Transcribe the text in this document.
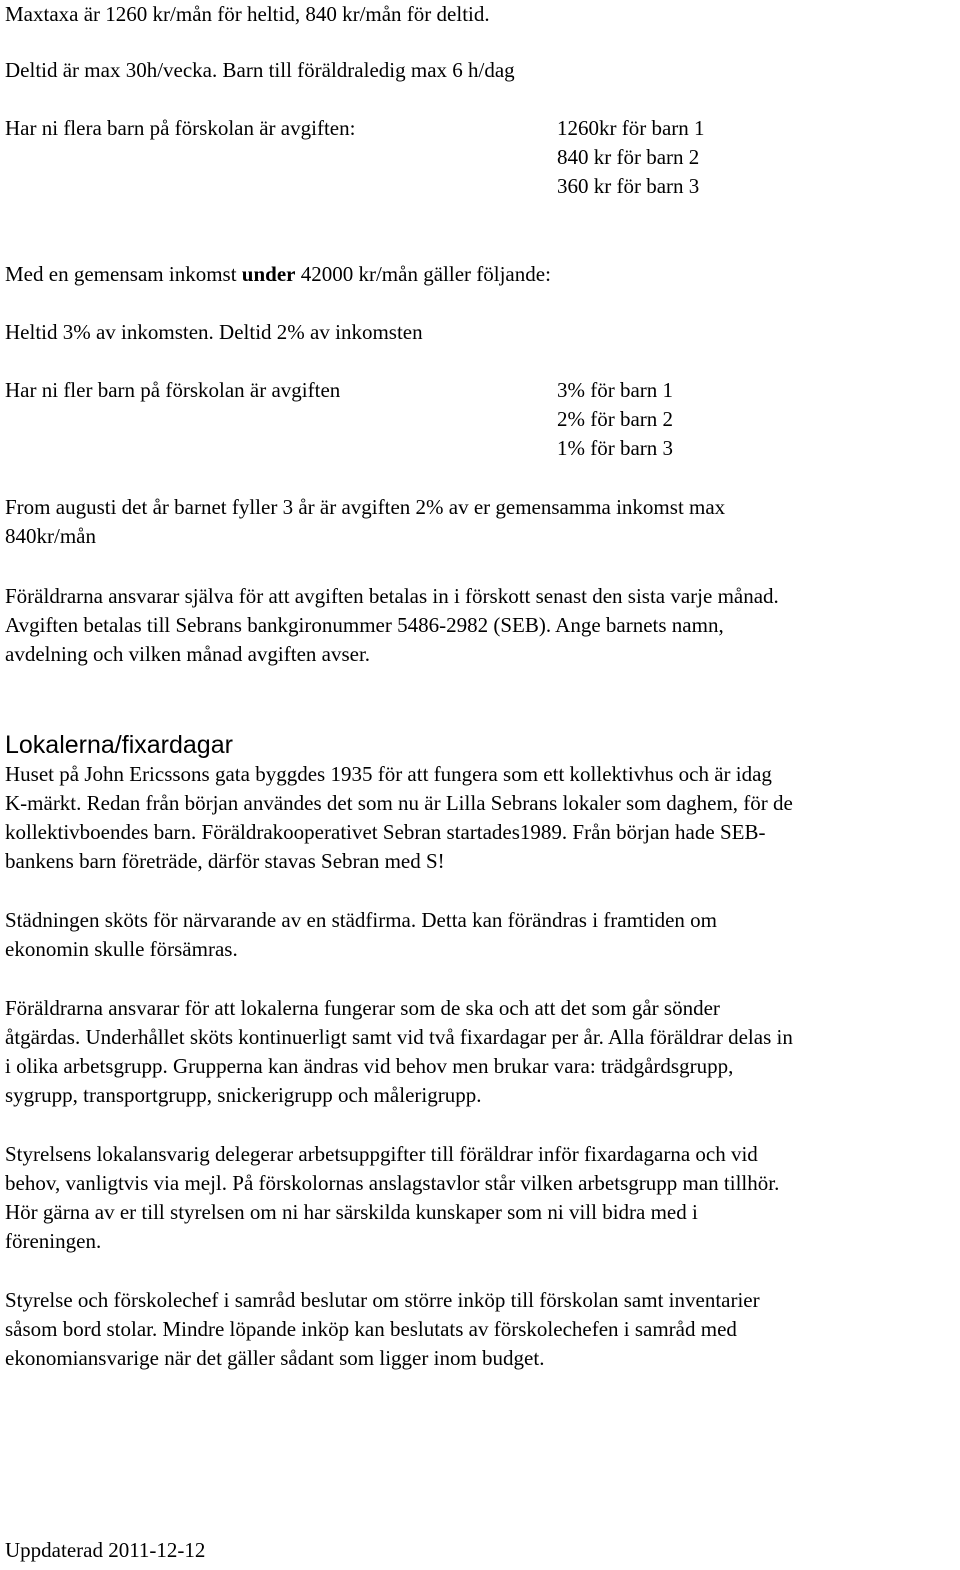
Maxtaxa är 1260 kr/mån för heltid, 840 kr/mån för deltid.
Deltid är max 30h/vecka. Barn till föräldraledig max 6 h/dag
Har ni flera barn på förskolan är avgiften:	1260kr för barn 1
840 kr för barn 2
360 kr för barn 3
Med en gemensam inkomst under 42000 kr/mån gäller följande:
Heltid 3% av inkomsten. Deltid 2% av inkomsten
Har ni fler barn på förskolan är avgiften	3% för barn 1
2% för barn 2
1% för barn 3
From augusti det år barnet fyller 3 år är avgiften 2% av er gemensamma inkomst max
840kr/mån
Föräldrarna ansvarar själva för att avgiften betalas in i förskott senast den sista varje månad.
Avgiften betalas till Sebrans bankgironummer 5486-2982 (SEB). Ange barnets namn,
avdelning och vilken månad avgiften avser.
Lokalerna/fixardagar
Huset på John Ericssons gata byggdes 1935 för att fungera som ett kollektivhus och är idag
K-märkt. Redan från början användes det som nu är Lilla Sebrans lokaler som daghem, för de
kollektivboendes barn. Föräldrakooperativet Sebran startades1989. Från början hade SEB-
bankens barn företräde, därför stavas Sebran med S!
Städningen sköts för närvarande av en städfirma. Detta kan förändras i framtiden om
ekonomin skulle försämras.
Föräldrarna ansvarar för att lokalerna fungerar som de ska och att det som går sönder
åtgärdas. Underhållet sköts kontinuerligt samt vid två fixardagar per år. Alla föräldrar delas in
i olika arbetsgrupp. Grupperna kan ändras vid behov men brukar vara: trädgårdsgrupp,
sygrupp, transportgrupp, snickerigrupp och målerigrupp.
Styrelsens lokalansvarig delegerar arbetsuppgifter till föräldrar inför fixardagarna och vid
behov, vanligtvis via mejl. På förskolornas anslagstavlor står vilken arbetsgrupp man tillhör.
Hör gärna av er till styrelsen om ni har särskilda kunskaper som ni vill bidra med i
föreningen.
Styrelse och förskolechef i samråd beslutar om större inköp till förskolan samt inventarier
såsom bord stolar. Mindre löpande inköp kan beslutats av förskolechefen i samråd med
ekonomiansvarige när det gäller sådant som ligger inom budget.
Uppdaterad 2011-12-12
